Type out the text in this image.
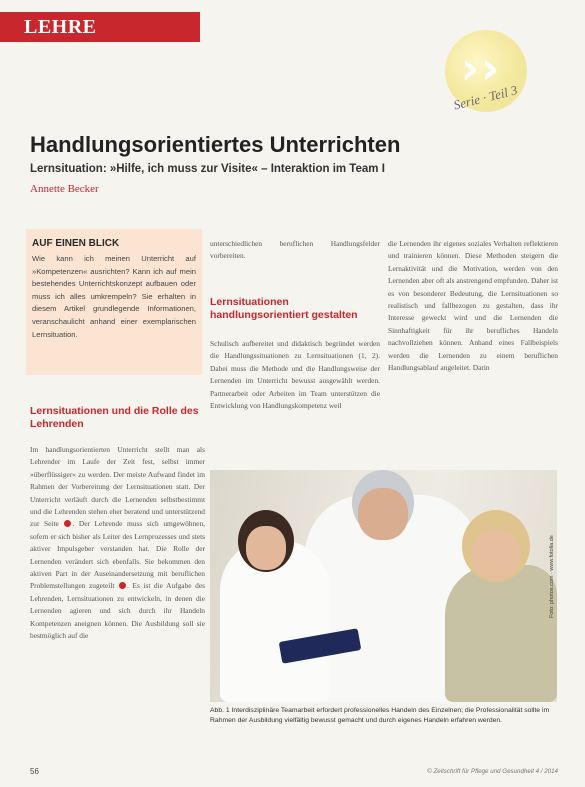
LEHRE
› ›
Serie · Teil 3
Handlungsorientiertes Unterrichten
Lernsituation: »Hilfe, ich muss zur Visite« – Interaktion im Team I
Annette Becker
AUF EINEN BLICK

Wie kann ich meinen Unterricht auf »Kompetenzen« ausrichten? Kann ich auf mein bestehendes Unterrichtskonzept aufbauen oder muss ich alles umkrempeln? Sie erhalten in diesem Artikel grundlegende Informationen, veranschaulicht anhand einer exemplarischen Lernsituation.

Lernsituationen und die Rolle des Lehrenden

Im handlungsorientierten Unterricht stellt man als Lehrender im Laufe der Zeit fest, selbst immer »überflüssiger« zu werden. Der meiste Aufwand findet im Rahmen der Vorbereitung der Lernsituationen statt. Der Unterricht verläuft durch die Lernenden selbstbestimmt und die Lehrenden stehen eher beratend und unterstützend zur Seite . Der Lehrende muss sich umgewöhnen, sofern er sich bisher als Leiter des Lernprozesses und stets aktiver Impulsgeber verstanden hat. Die Rolle der Lernenden verändert sich ebenfalls. Sie bekommen den aktiven Part in der Auseinandersetzung mit beruflichen Problemstellungen zugeteilt . Es ist die Aufgabe des Lehrenden, Lernsituationen zu entwickeln, in denen die Lernenden agieren und sich durch ihr Handeln Kompetenzen aneignen können. Die Ausbildung soll sie bestmöglich auf die

unterschiedlichen beruflichen Handlungsfelder vorbereiten.

Lernsituationen handlungsorientiert gestalten

Schulisch aufbereitet und didaktisch begründet werden die Handlungssituationen zu Lernsituationen (1, 2). Dabei muss die Methode und die Handlungsweise der Lernenden im Unterricht bewusst ausgewählt werden. Partnerarbeit oder Arbeiten im Team unterstützen die Entwicklung von Handlungskompetenz weil

die Lernenden ihr eigenes soziales Verhalten reflektieren und trainieren können. Diese Methoden steigern die Lernaktivität und die Motivation, werden von den Lernenden aber oft als anstrengend empfunden. Daher ist es von besonderer Bedeutung, die Lernsituationen so realistisch und fallbezogen zu gestalten, dass ihr Interesse geweckt wird und die Lernenden die Sinnhaftigkeit für ihr berufliches Handeln nachvollziehen können. Anhand eines Fallbeispiels werden die Lernenden zu einem beruflichen Handlungsablauf angeleitet. Darin

Foto: photos.com · www.fotolia.de
Abb. 1 Interdisziplinäre Teamarbeit erfordert professionelles Handeln des Einzelnen; die Professionalität sollte im Rahmen der Ausbildung vielfältig bewusst gemacht und durch eigenes Handeln erfahren werden.
56	© Zeitschrift für Pflege und Gesundheit 4 / 2014
